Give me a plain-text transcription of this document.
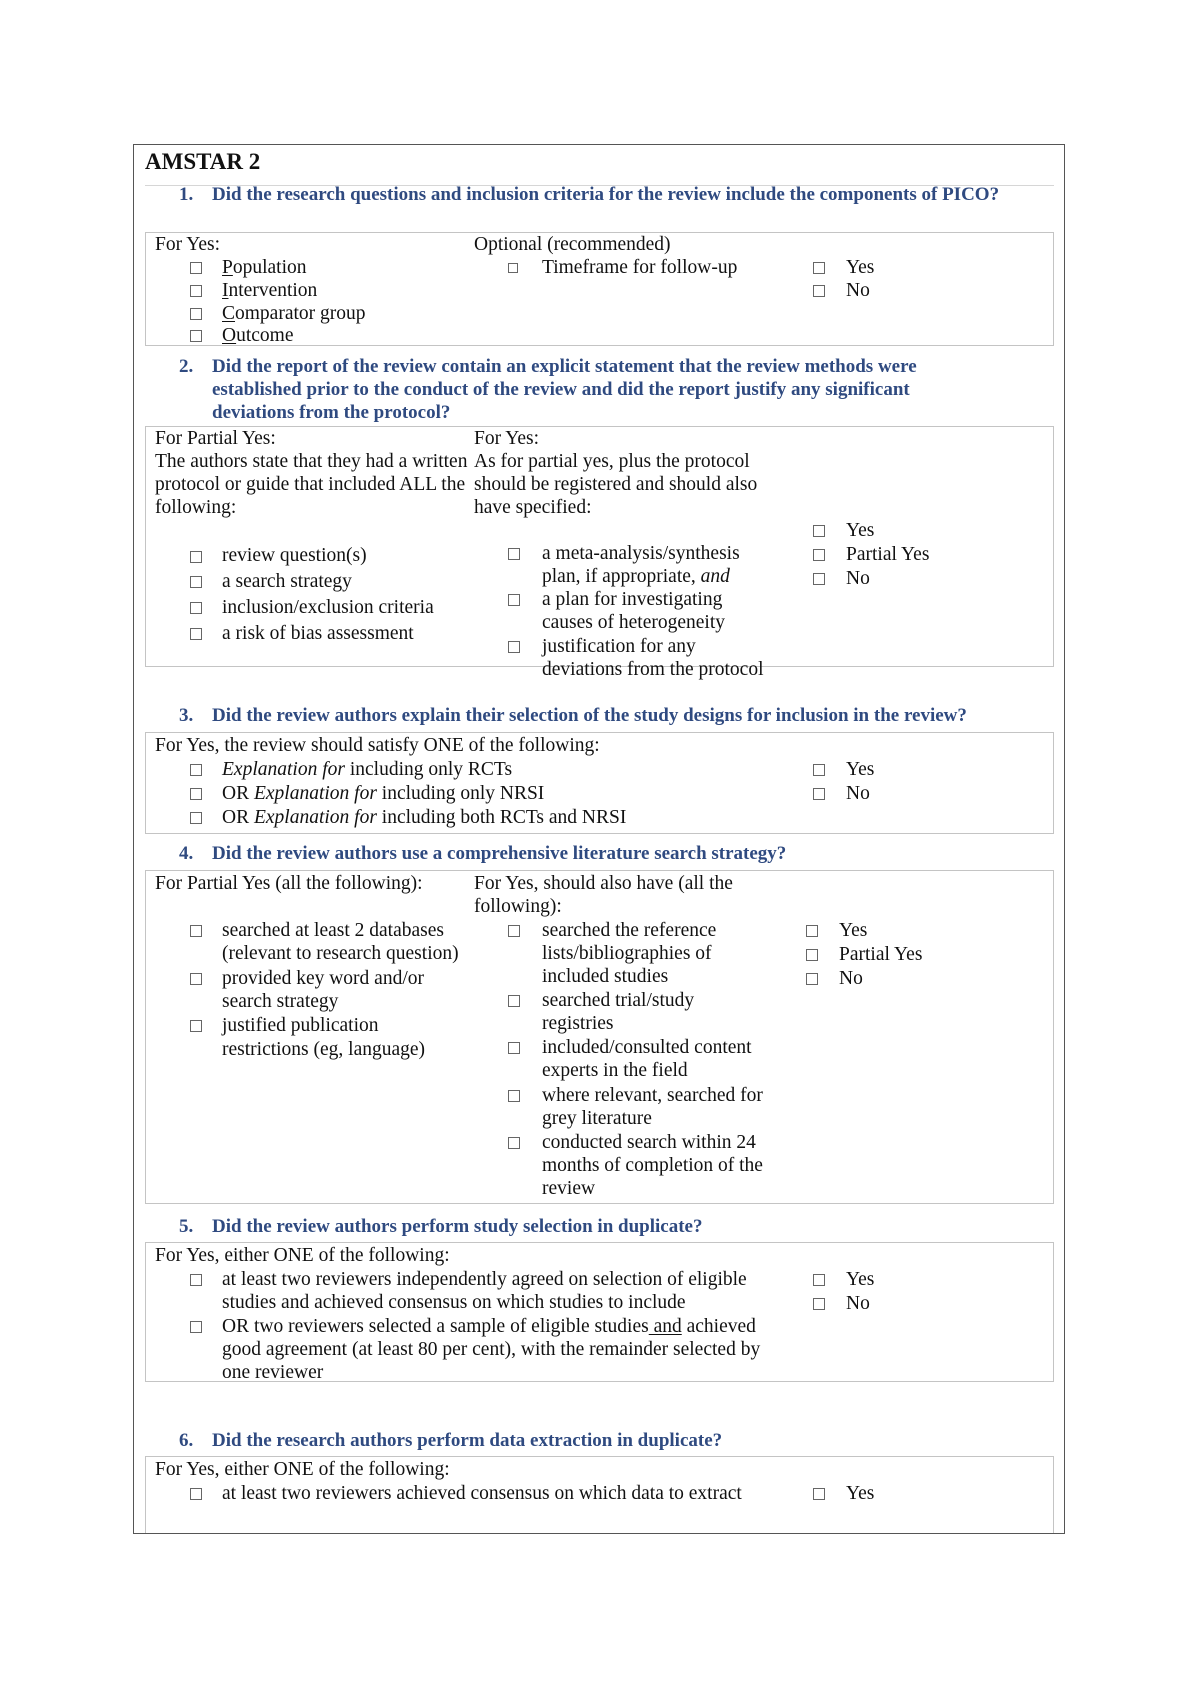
AMSTAR 2
1. Did the research questions and inclusion criteria for the review include the components of PICO?
For Yes:
Population
Intervention
Comparator group
Outcome
Optional (recommended)
Timeframe for follow-up	Yes
No
2. Did the report of the review contain an explicit statement that the review methods were established prior to the conduct of the review and did the report justify any significant deviations from the protocol?
For Partial Yes:
The authors state that they had a written
protocol or guide that included ALL the
following:
review question(s)
a search strategy
inclusion/exclusion criteria
a risk of bias assessment
For Yes:
As for partial yes, plus the protocol
should be registered and should also
have specified:
a meta-analysis/synthesis
plan, if appropriate, and
a plan for investigating
causes of heterogeneity
justification for any
deviations from the protocol
Yes
Partial Yes
No
3. Did the review authors explain their selection of the study designs for inclusion in the review?
For Yes, the review should satisfy ONE of the following:
Explanation for including only RCTs
OR Explanation for including only NRSI
OR Explanation for including both RCTs and NRSI
Yes
No
4. Did the review authors use a comprehensive literature search strategy?
For Partial Yes (all the following):
searched at least 2 databases
(relevant to research question)
provided key word and/or
search strategy
justified publication
restrictions (eg, language)
For Yes, should also have (all the
following):
searched the reference
lists/bibliographies of
included studies
searched trial/study
registries
included/consulted content
experts in the field
where relevant, searched for
grey literature
conducted search within 24
months of completion of the
review
Yes
Partial Yes
No
5. Did the review authors perform study selection in duplicate?
For Yes, either ONE of the following:
at least two reviewers independently agreed on selection of eligible
studies and achieved consensus on which studies to include
OR two reviewers selected a sample of eligible studies and achieved
good agreement (at least 80 per cent), with the remainder selected by
one reviewer
Yes
No
6. Did the research authors perform data extraction in duplicate?
For Yes, either ONE of the following:
at least two reviewers achieved consensus on which data to extract	Yes
